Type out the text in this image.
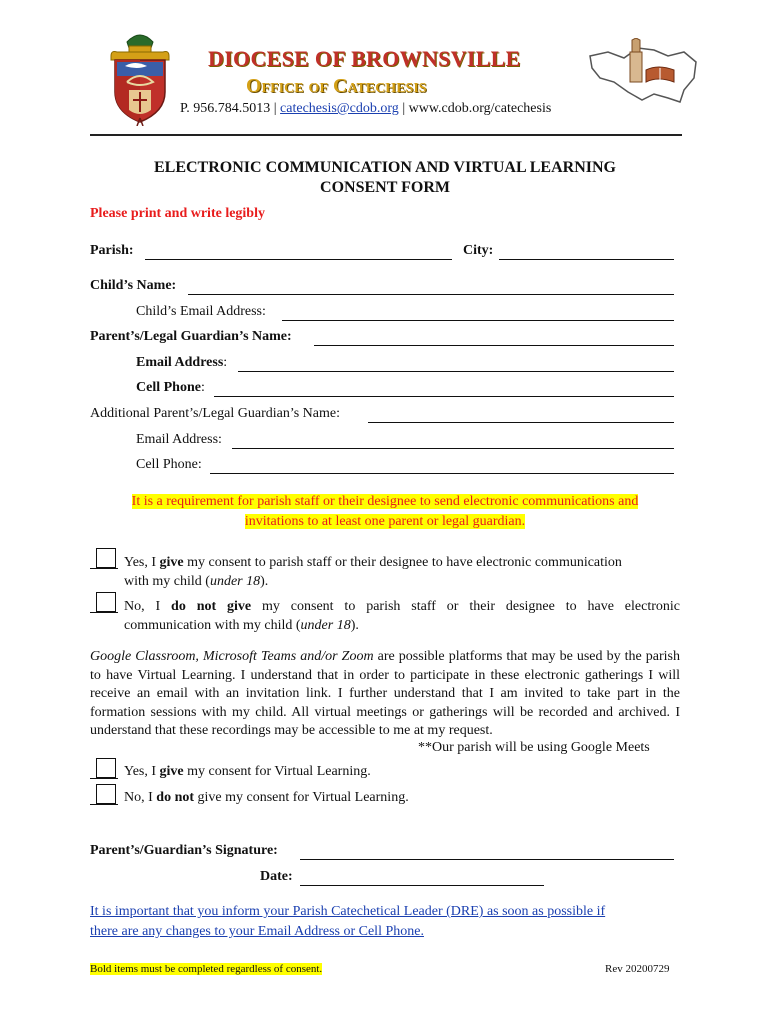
DIOCESE OF BROWNSVILLE
Office of Catechesis
P. 956.784.5013 | catechesis@cdob.org | www.cdob.org/catechesis
ELECTRONIC COMMUNICATION AND VIRTUAL LEARNING
CONSENT FORM
Please print and write legibly
Parish:	City:
Child’s Name:
Child’s Email Address:
Parent’s/Legal Guardian’s Name:
Email Address:
Cell Phone:
Additional Parent’s/Legal Guardian’s Name:
Email Address:
Cell Phone:
It is a requirement for parish staff or their designee to send electronic communications and
invitations to at least one parent or legal guardian.
Yes, I give my consent to parish staff or their designee to have electronic communication
with my child (under 18).
No, I do not give my consent to parish staff or their designee to have electronic
communication with my child (under 18).
Google Classroom, Microsoft Teams and/or Zoom are possible platforms that may be used by the parish to have Virtual Learning. I understand that in order to participate in these electronic gatherings I will receive an email with an invitation link. I further understand that I am invited to take part in the formation sessions with my child. All virtual meetings or gatherings will be recorded and archived. I understand that these recordings may be accessible to me at my request.
**Our parish will be using Google Meets
Yes, I give my consent for Virtual Learning.
No, I do not give my consent for Virtual Learning.
Parent’s/Guardian’s Signature:
Date:
It is important that you inform your Parish Catechetical Leader (DRE) as soon as possible if
there are any changes to your Email Address or Cell Phone.
Bold items must be completed regardless of consent.	Rev 20200729
